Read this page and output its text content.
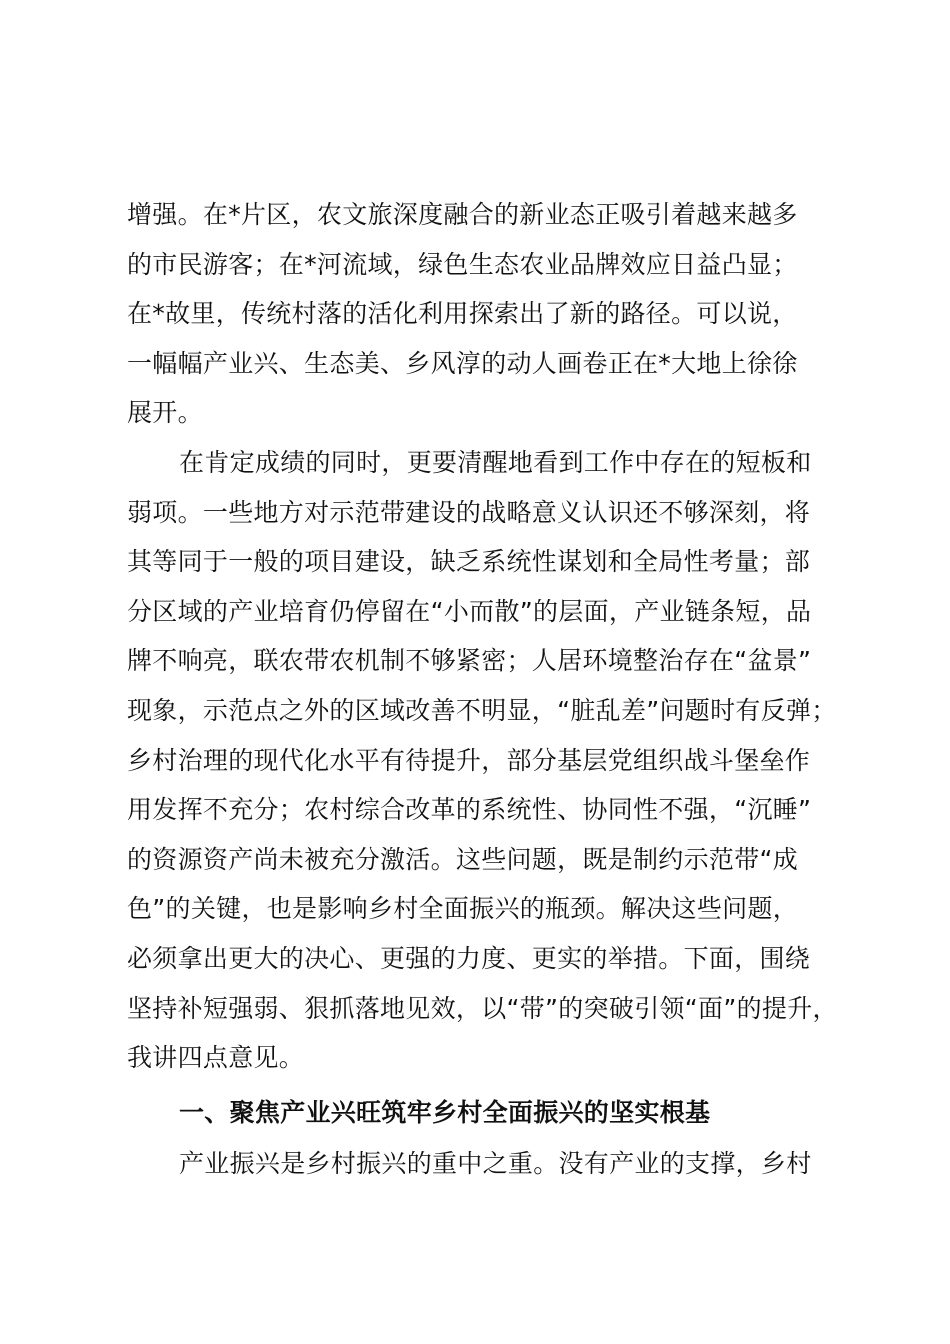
增强。在*片区，农文旅深度融合的新业态正吸引着越来越多
的市民游客；在*河流域，绿色生态农业品牌效应日益凸显；
在*故里，传统村落的活化利用探索出了新的路径。可以说，
一幅幅产业兴、生态美、乡风淳的动人画卷正在*大地上徐徐
展开。
在肯定成绩的同时，更要清醒地看到工作中存在的短板和
弱项。一些地方对示范带建设的战略意义认识还不够深刻，将
其等同于一般的项目建设，缺乏系统性谋划和全局性考量；部
分区域的产业培育仍停留在“小而散”的层面，产业链条短，品
牌不响亮，联农带农机制不够紧密；人居环境整治存在“盆景”
现象，示范点之外的区域改善不明显，“脏乱差”问题时有反弹；
乡村治理的现代化水平有待提升，部分基层党组织战斗堡垒作
用发挥不充分；农村综合改革的系统性、协同性不强，“沉睡”
的资源资产尚未被充分激活。这些问题，既是制约示范带“成
色”的关键，也是影响乡村全面振兴的瓶颈。解决这些问题，
必须拿出更大的决心、更强的力度、更实的举措。下面，围绕
坚持补短强弱、狠抓落地见效，以“带”的突破引领“面”的提升，
我讲四点意见。
一、聚焦产业兴旺筑牢乡村全面振兴的坚实根基
产业振兴是乡村振兴的重中之重。没有产业的支撑，乡村
